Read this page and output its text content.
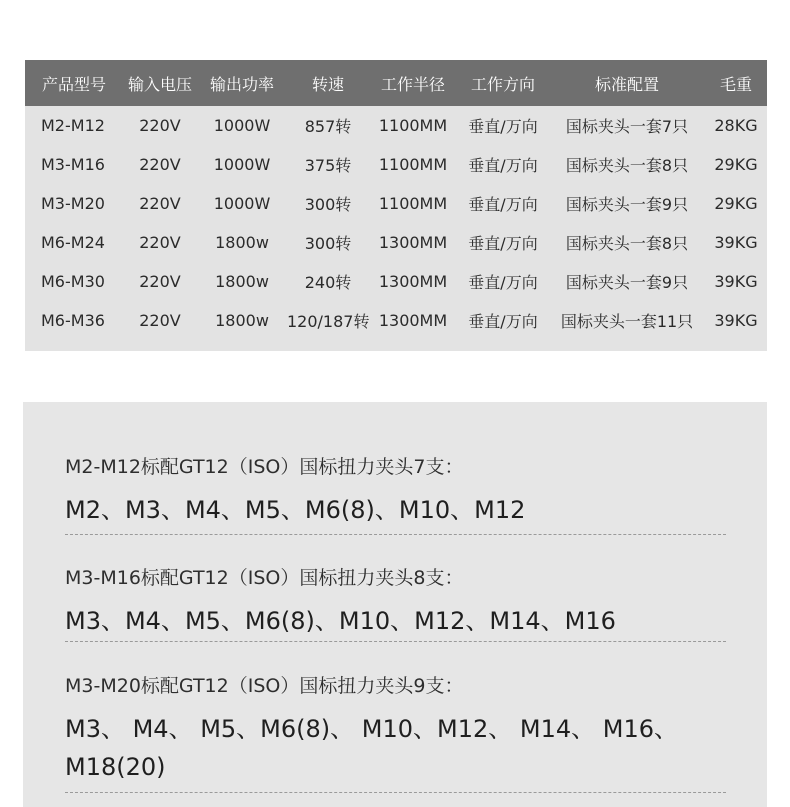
产品型号	输入电压	输出功率	转速	工作半径	工作方向	标准配置	毛重
M2-M12	220V	1000W	857转	1100MM	垂直/万向	国标夹头一套7只	28KG
M3-M16	220V	1000W	375转	1100MM	垂直/万向	国标夹头一套8只	29KG
M3-M20	220V	1000W	300转	1100MM	垂直/万向	国标夹头一套9只	29KG
M6-M24	220V	1800w	300转	1300MM	垂直/万向	国标夹头一套8只	39KG
M6-M30	220V	1800w	240转	1300MM	垂直/万向	国标夹头一套9只	39KG
M6-M36	220V	1800w	120/187转 1300MM	垂直/万向	国标夹头一套11只	39KG
M2-M12标配GT12（ISO）国标扭力夹头7支：
M2、M3、M4、M5、M6(8)、M10、M12
M3-M16标配GT12（ISO）国标扭力夹头8支：
M3、M4、M5、M6(8)、M10、M12、M14、M16
M3-M20标配GT12（ISO）国标扭力夹头9支：
M3、 M4、 M5、M6(8)、 M10、M12、 M14、 M16、 M18(20)
